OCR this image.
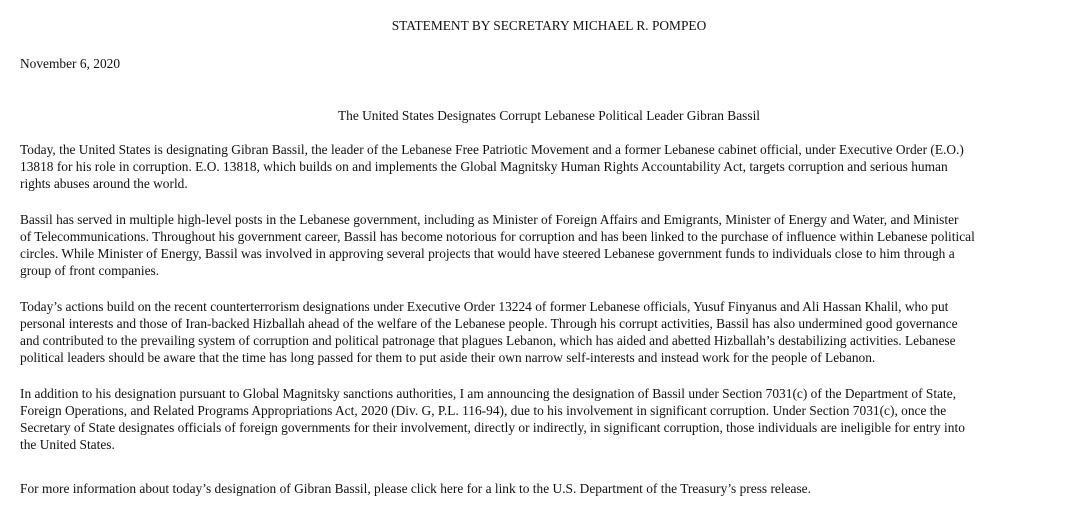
STATEMENT BY SECRETARY MICHAEL R. POMPEO
November 6, 2020
The United States Designates Corrupt Lebanese Political Leader Gibran Bassil

Today, the United States is designating Gibran Bassil, the leader of the Lebanese Free Patriotic Movement and a former Lebanese cabinet official, under Executive Order (E.O.)
13818 for his role in corruption. E.O. 13818, which builds on and implements the Global Magnitsky Human Rights Accountability Act, targets corruption and serious human
rights abuses around the world.

Bassil has served in multiple high-level posts in the Lebanese government, including as Minister of Foreign Affairs and Emigrants, Minister of Energy and Water, and Minister
of Telecommunications. Throughout his government career, Bassil has become notorious for corruption and has been linked to the purchase of influence within Lebanese political
circles. While Minister of Energy, Bassil was involved in approving several projects that would have steered Lebanese government funds to individuals close to him through a
group of front companies.

Today’s actions build on the recent counterterrorism designations under Executive Order 13224 of former Lebanese officials, Yusuf Finyanus and Ali Hassan Khalil, who put
personal interests and those of Iran-backed Hizballah ahead of the welfare of the Lebanese people. Through his corrupt activities, Bassil has also undermined good governance
and contributed to the prevailing system of corruption and political patronage that plagues Lebanon, which has aided and abetted Hizballah’s destabilizing activities. Lebanese
political leaders should be aware that the time has long passed for them to put aside their own narrow self-interests and instead work for the people of Lebanon.

In addition to his designation pursuant to Global Magnitsky sanctions authorities, I am announcing the designation of Bassil under Section 7031(c) of the Department of State,
Foreign Operations, and Related Programs Appropriations Act, 2020 (Div. G, P.L. 116-94), due to his involvement in significant corruption. Under Section 7031(c), once the
Secretary of State designates officials of foreign governments for their involvement, directly or indirectly, in significant corruption, those individuals are ineligible for entry into
the United States.

For more information about today’s designation of Gibran Bassil, please click here for a link to the U.S. Department of the Treasury’s press release.
